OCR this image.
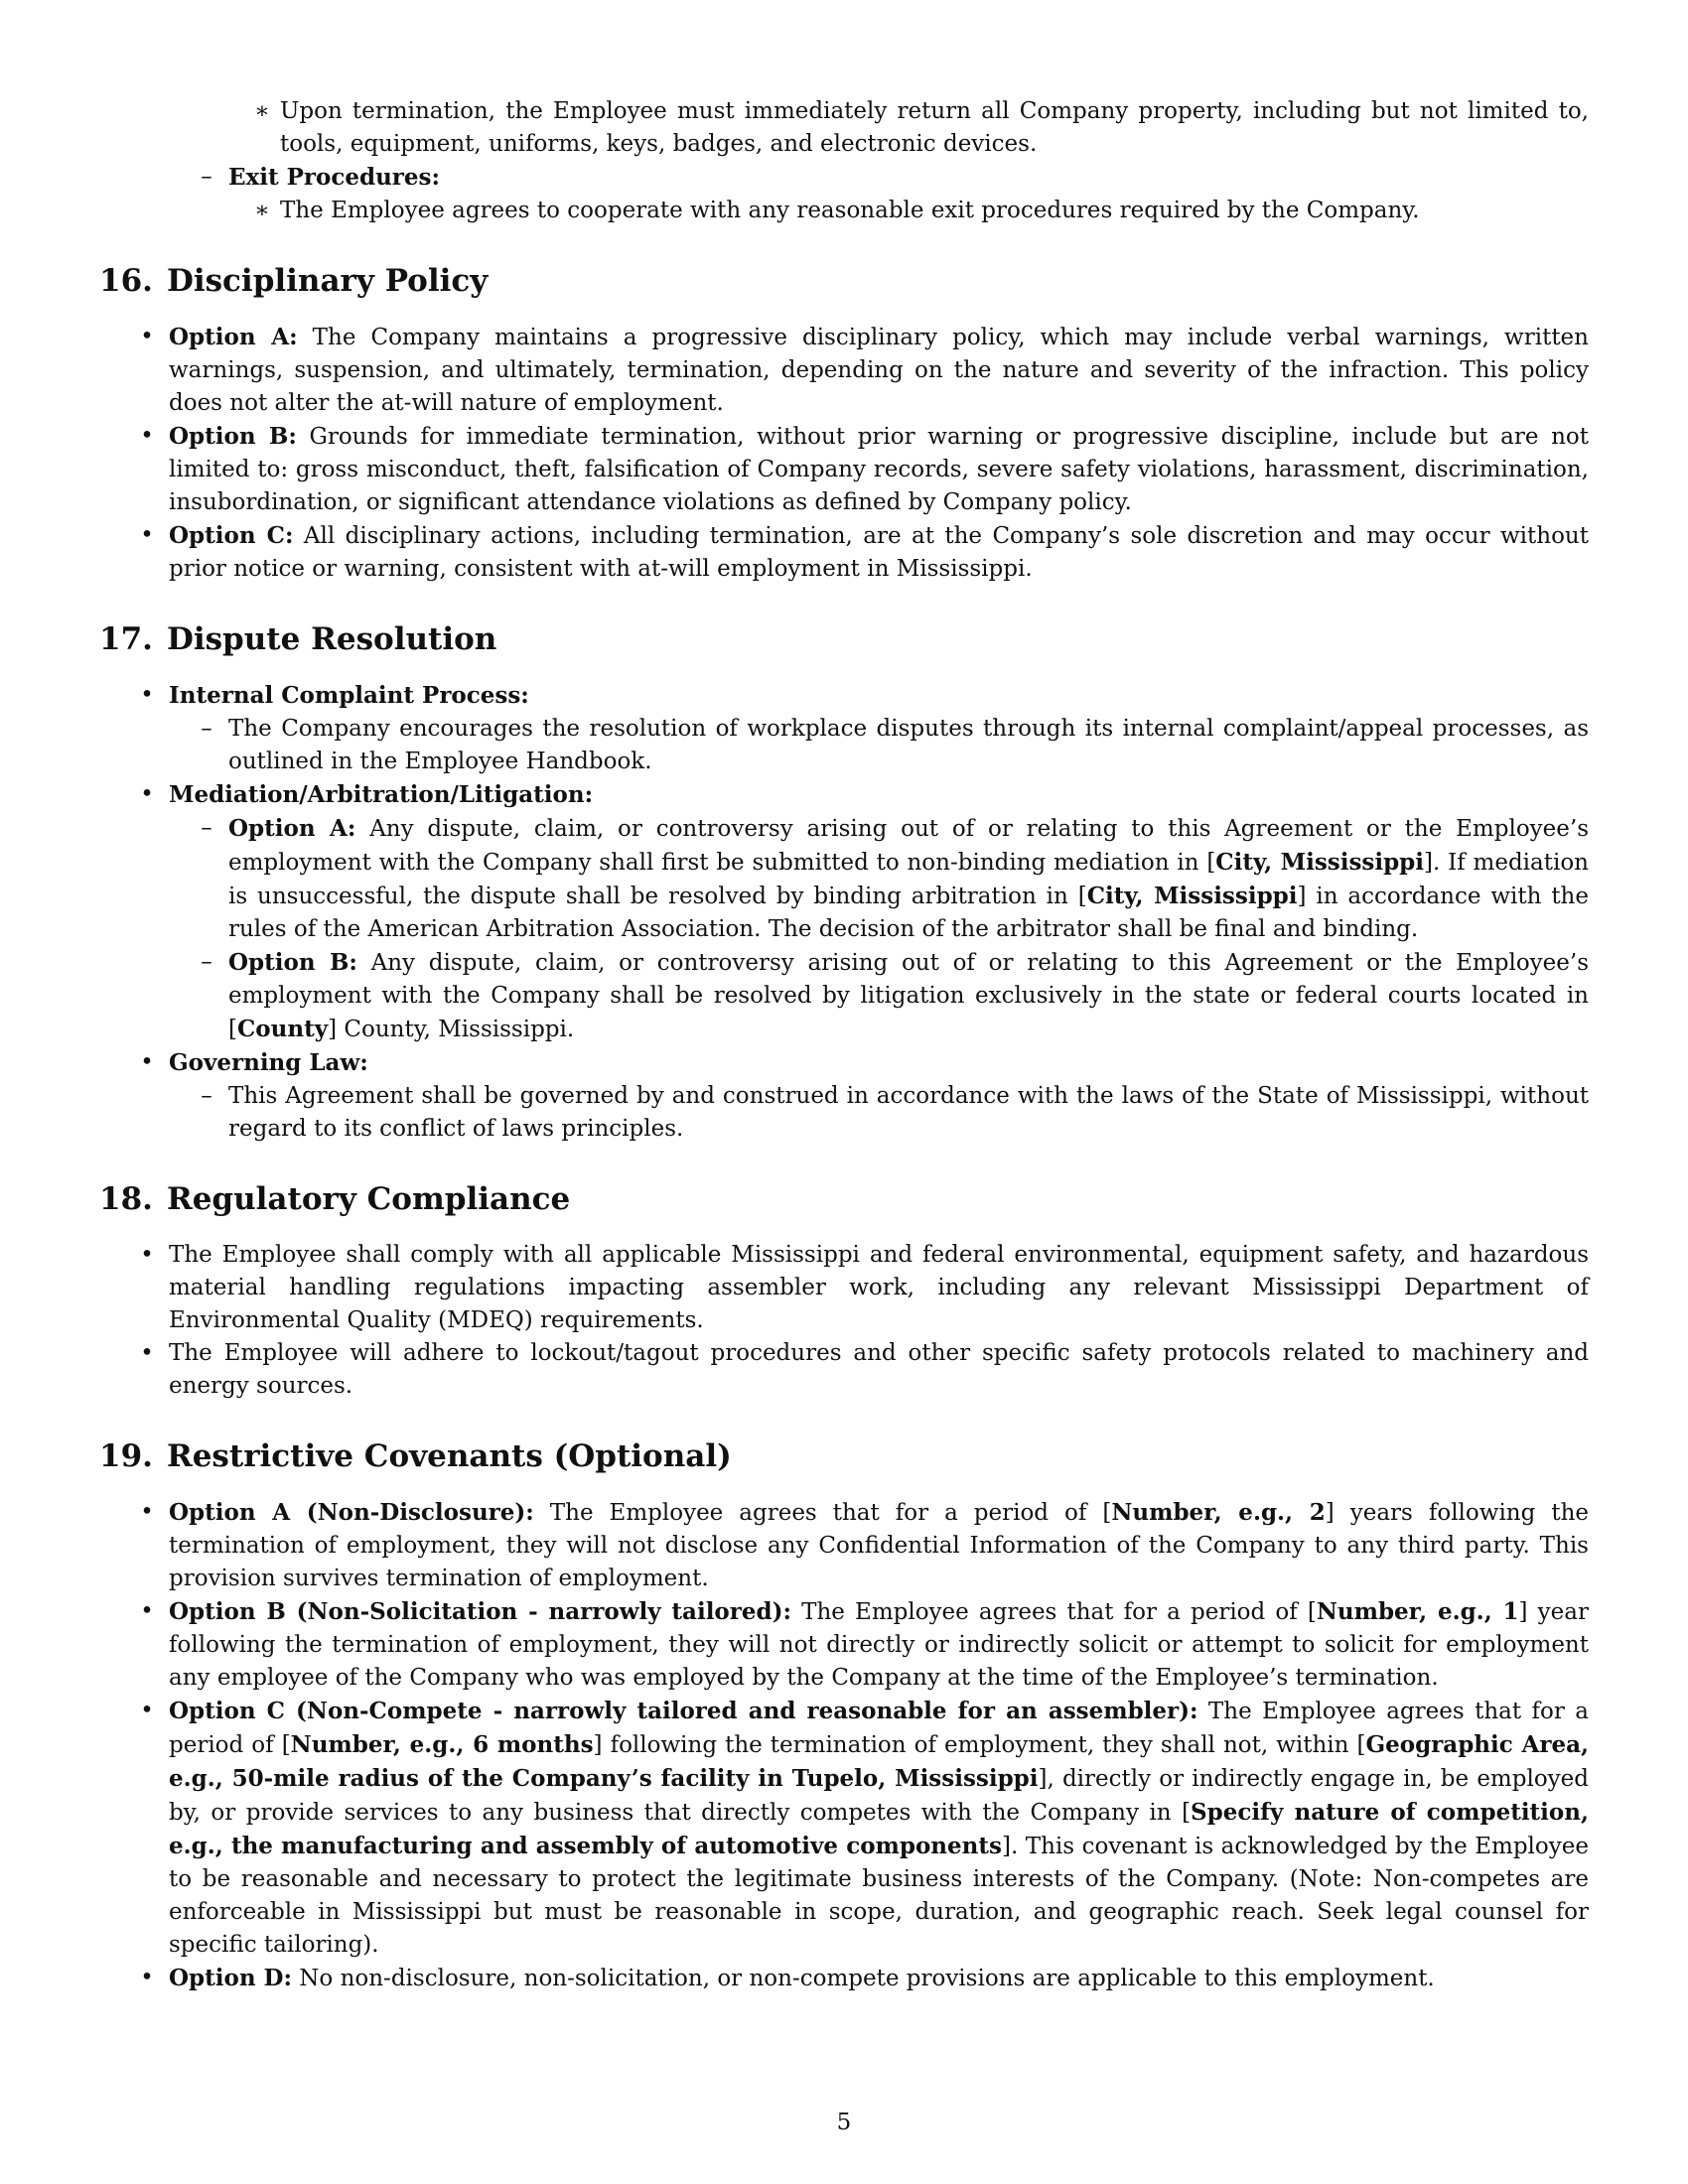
∗ Upon termination, the Employee must immediately return all Company property, including but not limited to, tools, equipment, uniforms, keys, badges, and electronic devices.
– Exit Procedures:
∗ The Employee agrees to cooperate with any reasonable exit procedures required by the Company.
16. Disciplinary Policy
• Option A: The Company maintains a progressive disciplinary policy, which may include verbal warnings, written warnings, suspension, and ultimately, termination, depending on the nature and severity of the infraction. This policy does not alter the at-will nature of employment.
• Option B: Grounds for immediate termination, without prior warning or progressive discipline, include but are not limited to: gross misconduct, theft, falsification of Company records, severe safety violations, harassment, discrimination, insubordination, or significant attendance violations as defined by Company policy.
• Option C: All disciplinary actions, including termination, are at the Company’s sole discretion and may occur without prior notice or warning, consistent with at-will employment in Mississippi.
17. Dispute Resolution
• Internal Complaint Process:
– The Company encourages the resolution of workplace disputes through its internal complaint/appeal processes, as outlined in the Employee Handbook.
• Mediation/Arbitration/Litigation:
– Option A: Any dispute, claim, or controversy arising out of or relating to this Agreement or the Employee’s employment with the Company shall first be submitted to non-binding mediation in [City, Mississippi]. If mediation is unsuccessful, the dispute shall be resolved by binding arbitration in [City, Mississippi] in accordance with the rules of the American Arbitration Association. The decision of the arbitrator shall be final and binding.
– Option B: Any dispute, claim, or controversy arising out of or relating to this Agreement or the Employee’s employment with the Company shall be resolved by litigation exclusively in the state or federal courts located in [County] County, Mississippi.
• Governing Law:
– This Agreement shall be governed by and construed in accordance with the laws of the State of Mississippi, without regard to its conflict of laws principles.
18. Regulatory Compliance
• The Employee shall comply with all applicable Mississippi and federal environmental, equipment safety, and hazardous material handling regulations impacting assembler work, including any relevant Mississippi Department of Environmental Quality (MDEQ) requirements.
• The Employee will adhere to lockout/tagout procedures and other specific safety protocols related to machinery and energy sources.
19. Restrictive Covenants (Optional)
• Option A (Non-Disclosure): The Employee agrees that for a period of [Number, e.g., 2] years following the termination of employment, they will not disclose any Confidential Information of the Company to any third party. This provision survives termination of employment.
• Option B (Non-Solicitation - narrowly tailored): The Employee agrees that for a period of [Number, e.g., 1] year following the termination of employment, they will not directly or indirectly solicit or attempt to solicit for employment any employee of the Company who was employed by the Company at the time of the Employee’s termination.
• Option C (Non-Compete - narrowly tailored and reasonable for an assembler): The Employee agrees that for a period of [Number, e.g., 6 months] following the termination of employment, they shall not, within [Geographic Area, e.g., 50-mile radius of the Company’s facility in Tupelo, Mississippi], directly or indirectly engage in, be employed by, or provide services to any business that directly competes with the Company in [Specify nature of competition, e.g., the manufacturing and assembly of automotive components]. This covenant is acknowledged by the Employee to be reasonable and necessary to protect the legitimate business interests of the Company. (Note: Non-competes are enforceable in Mississippi but must be reasonable in scope, duration, and geographic reach. Seek legal counsel for specific tailoring).
• Option D: No non-disclosure, non-solicitation, or non-compete provisions are applicable to this employment.
5
